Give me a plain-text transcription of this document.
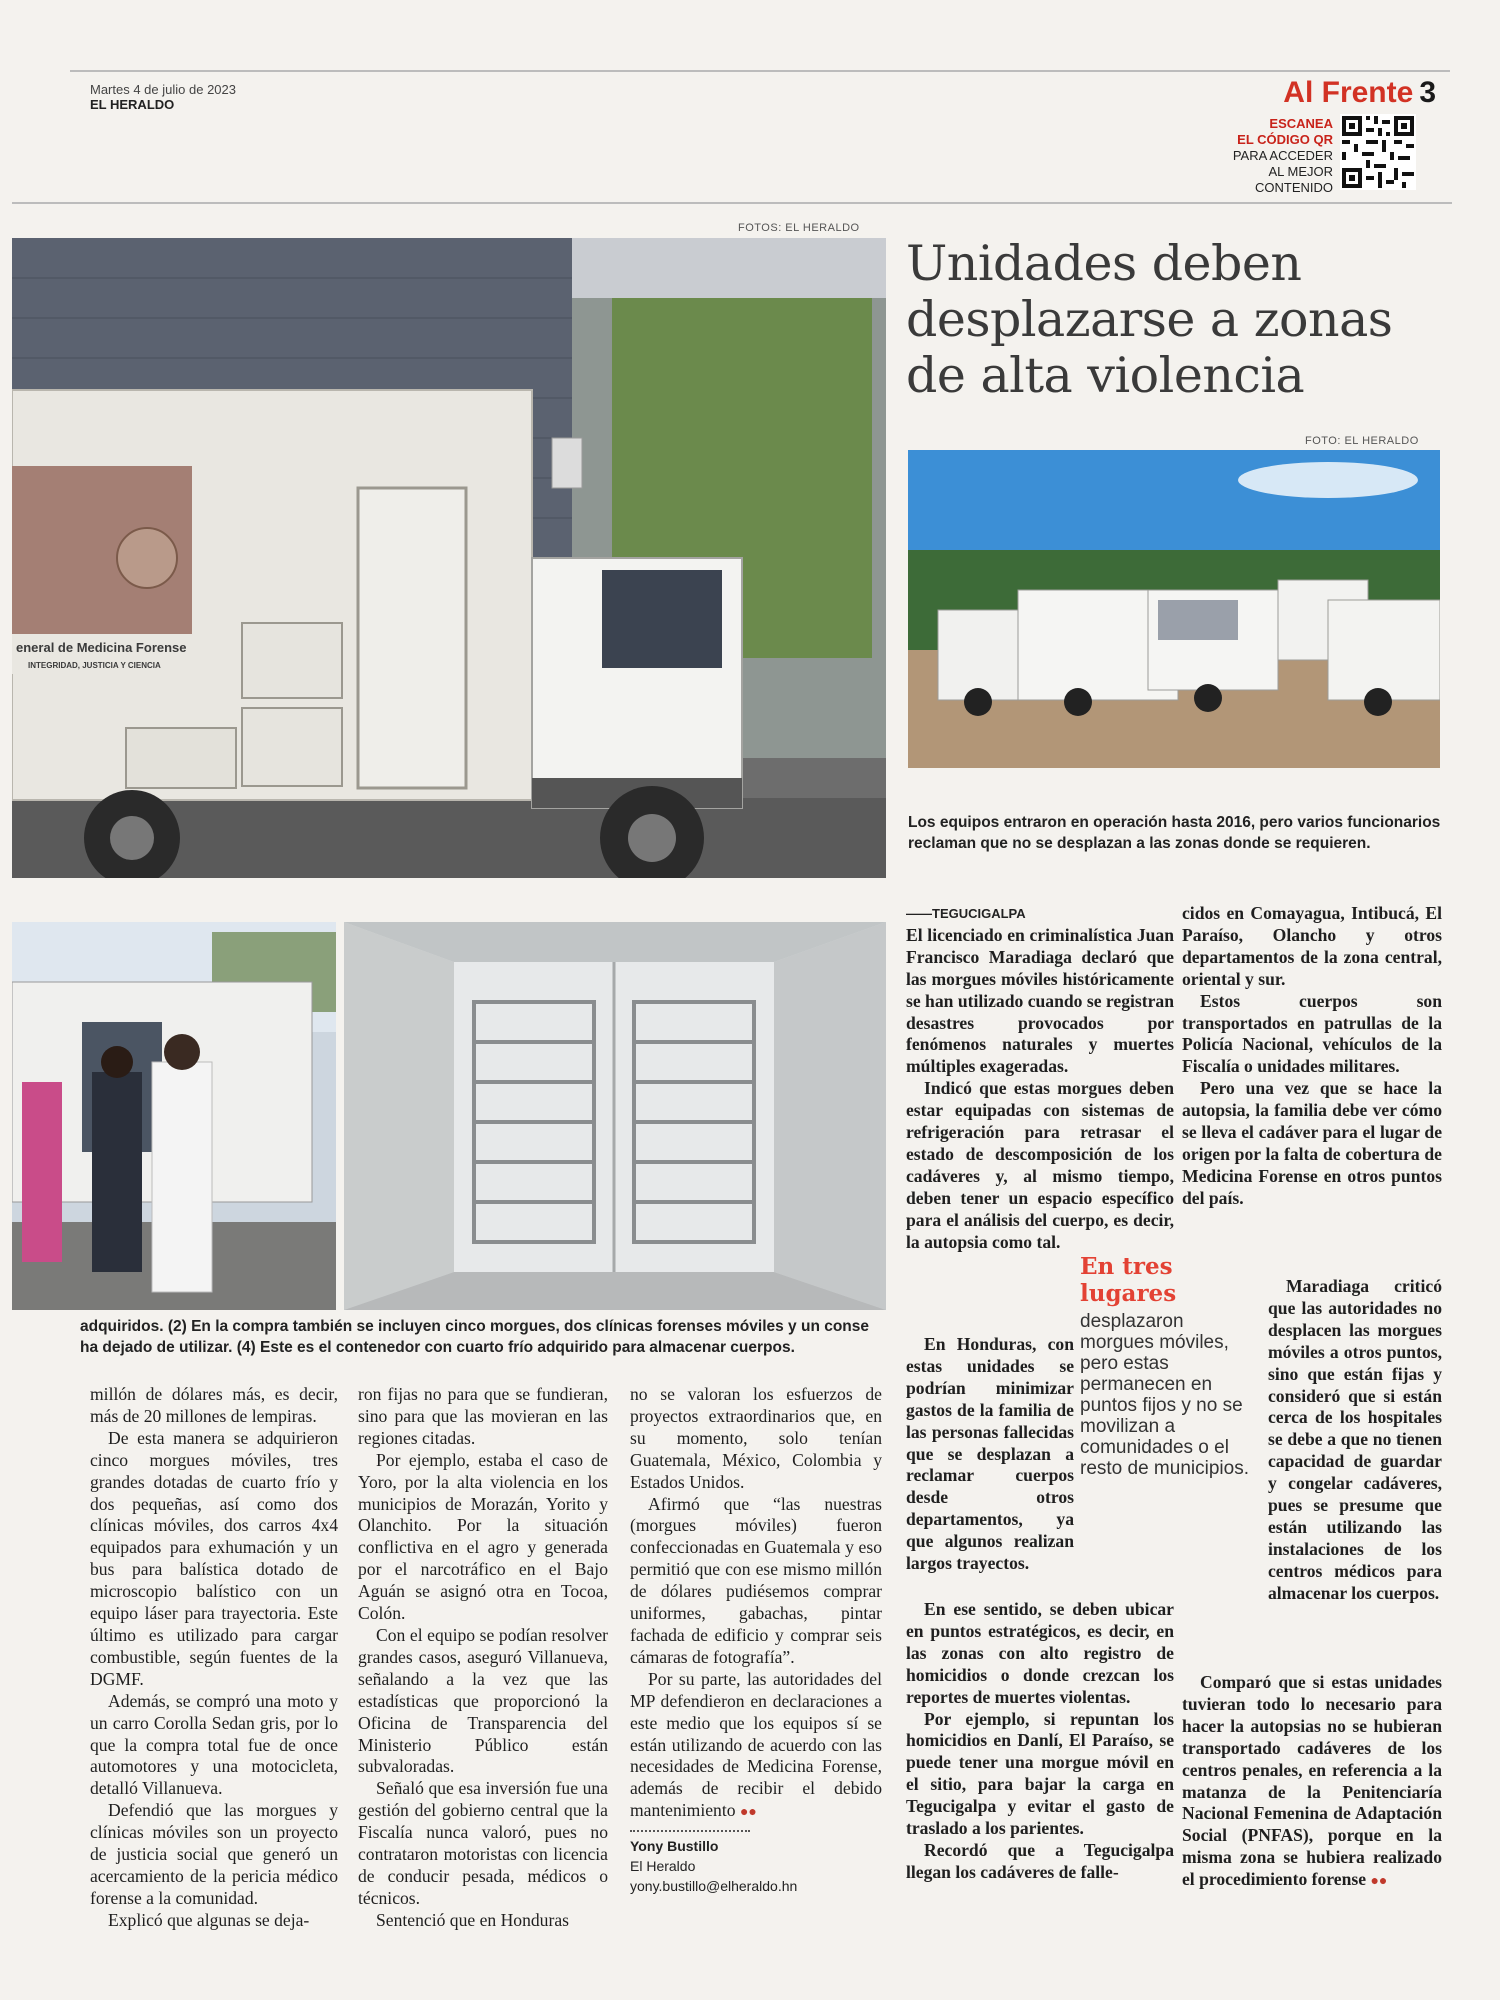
Martes 4 de julio de 2023
EL HERALDO	Al Frente 3
ESCANEA
EL CÓDIGO QR
PARA ACCEDER
AL MEJOR
CONTENIDO
FOTOS: EL HERALDO
eneral de Medicina Forense
INTEGRIDAD, JUSTICIA Y CIENCIA
Unidades deben desplazarse a zonas de alta violencia
FOTO: EL HERALDO
Los equipos entraron en operación hasta 2016, pero varios funcionarios reclaman que no se desplazan a las zonas donde se requieren.
adquiridos. (2) En la compra también se incluyen cinco morgues, dos clínicas forenses móviles y un conse ha dejado de utilizar. (4) Este es el contenedor con cuarto frío adquirido para almacenar cuerpos.

millón de dólares más, es decir, más de 20 millones de lempiras.

De esta manera se adquirieron cinco morgues móviles, tres grandes dotadas de cuarto frío y dos pequeñas, así como dos clínicas móviles, dos carros 4x4 equipados para exhumación y un bus para balística dotado de microscopio balístico con un equipo láser para trayectoria. Este último es utilizado para cargar combustible, según fuentes de la DGMF.

Además, se compró una moto y un carro Corolla Sedan gris, por lo que la compra total fue de once automotores y una motocicleta, detalló Villanueva.

Defendió que las morgues y clínicas móviles son un proyecto de justicia social que generó un acercamiento de la pericia médico forense a la comunidad.

Explicó que algunas se deja-

ron fijas no para que se fundieran, sino para que las movieran en las regiones citadas.

Por ejemplo, estaba el caso de Yoro, por la alta violencia en los municipios de Morazán, Yorito y Olanchito. Por la situación conflictiva en el agro y generada por el narcotráfico en el Bajo Aguán se asignó otra en Tocoa, Colón.

Con el equipo se podían resolver grandes casos, aseguró Villanueva, señalando a la vez que las estadísticas que proporcionó la Oficina de Transparencia del Ministerio Público están subvaloradas.

Señaló que esa inversión fue una gestión del gobierno central que la Fiscalía nunca valoró, pues no contrataron motoristas con licencia de conducir pesada, médicos o técnicos.

Sentenció que en Honduras

no se valoran los esfuerzos de proyectos extraordinarios que, en su momento, solo tenían Guatemala, México, Colombia y Estados Unidos.

Afirmó que “las nuestras (morgues móviles) fueron confeccionadas en Guatemala y eso permitió que con ese mismo millón de dólares pudiésemos comprar uniformes, gabachas, pintar fachada de edificio y comprar seis cámaras de fotografía”.

Por su parte, las autoridades del MP defendieron en declaraciones a este medio que los equipos sí se están utilizando de acuerdo con las necesidades de Medicina Forense, además de recibir el debido mantenimiento ●●

Yony Bustillo
El Heraldo
yony.bustillo@elheraldo.hn
——TEGUCIGALPA

El licenciado en criminalística Juan Francisco Maradiaga declaró que las morgues móviles históricamente se han utilizado cuando se registran desastres provocados por fenómenos naturales y muertes múltiples exageradas.

Indicó que estas morgues deben estar equipadas con sistemas de refrigeración para retrasar el estado de descomposición de los cadáveres y, al mismo tiempo, deben tener un espacio específico para el análisis del cuerpo, es decir, la autopsia como tal.

En Honduras, con estas unidades se podrían minimizar gastos de la familia de las personas fallecidas que se desplazan a reclamar cuerpos desde otros departamentos, ya que algunos realizan largos trayectos.

En ese sentido, se deben ubicar en puntos estratégicos, es decir, en las zonas con alto registro de homicidios o donde crezcan los reportes de muertes violentas.

Por ejemplo, si repuntan los homicidios en Danlí, El Paraíso, se puede tener una morgue móvil en el sitio, para bajar la carga en Tegucigalpa y evitar el gasto de traslado a los parientes.

Recordó que a Tegucigalpa llegan los cadáveres de falle-

En tres lugares
desplazaron morgues móviles, pero estas permanecen en puntos fijos y no se movilizan a comunidades o el resto de municipios.

cidos en Comayagua, Intibucá, El Paraíso, Olancho y otros departamentos de la zona central, oriental y sur.

Estos cuerpos son transportados en patrullas de la Policía Nacional, vehículos de la Fiscalía o unidades militares.

Pero una vez que se hace la autopsia, la familia debe ver cómo se lleva el cadáver para el lugar de origen por la falta de cobertura de Medicina Forense en otros puntos del país.

Maradiaga criticó que las autoridades no desplacen las morgues móviles a otros puntos, sino que están fijas y consideró que si están cerca de los hospitales se debe a que no tienen capacidad de guardar y congelar cadáveres, pues se presume que están utilizando las instalaciones de los centros médicos para almacenar los cuerpos.

Comparó que si estas unidades tuvieran todo lo necesario para hacer la autopsias no se hubieran transportado cadáveres de los centros penales, en referencia a la matanza de la Penitenciaría Nacional Femenina de Adaptación Social (PNFAS), porque en la misma zona se hubiera realizado el procedimiento forense ●●
